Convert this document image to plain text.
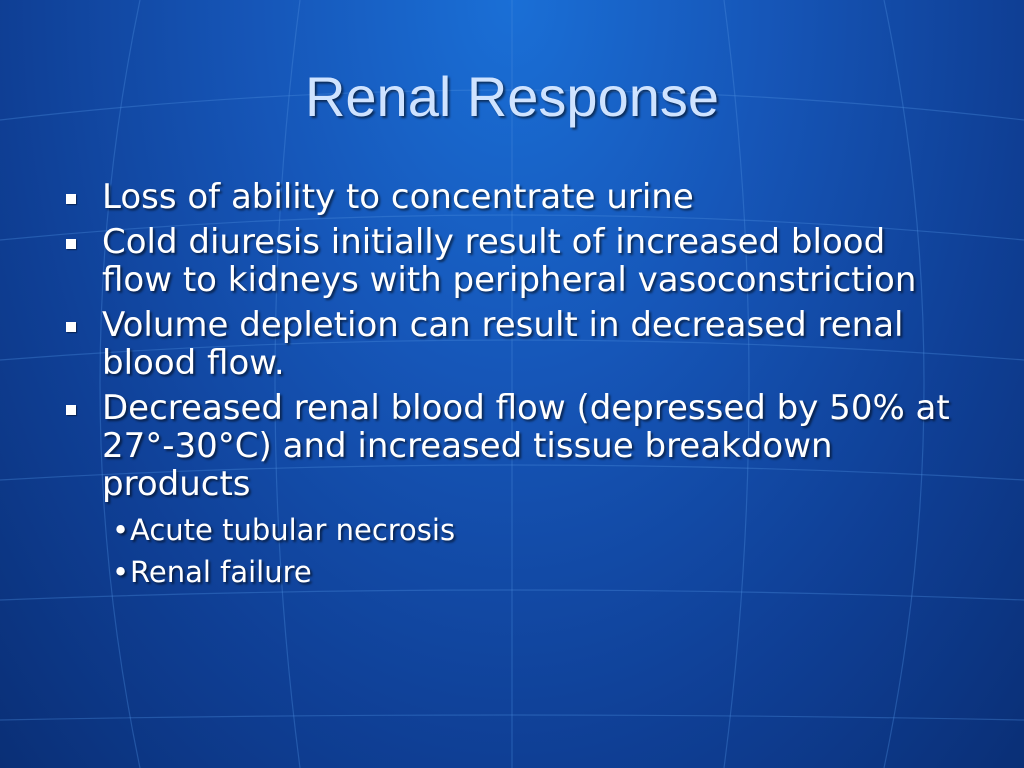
Renal Response
Loss of ability to concentrate urine
Cold diuresis initially result of increased blood flow to kidneys with peripheral vasoconstriction
Volume depletion can result in decreased renal blood flow.
Decreased renal blood flow (depressed by 50% at 27°-30°C) and increased tissue breakdown products
• Acute tubular necrosis
• Renal failure
